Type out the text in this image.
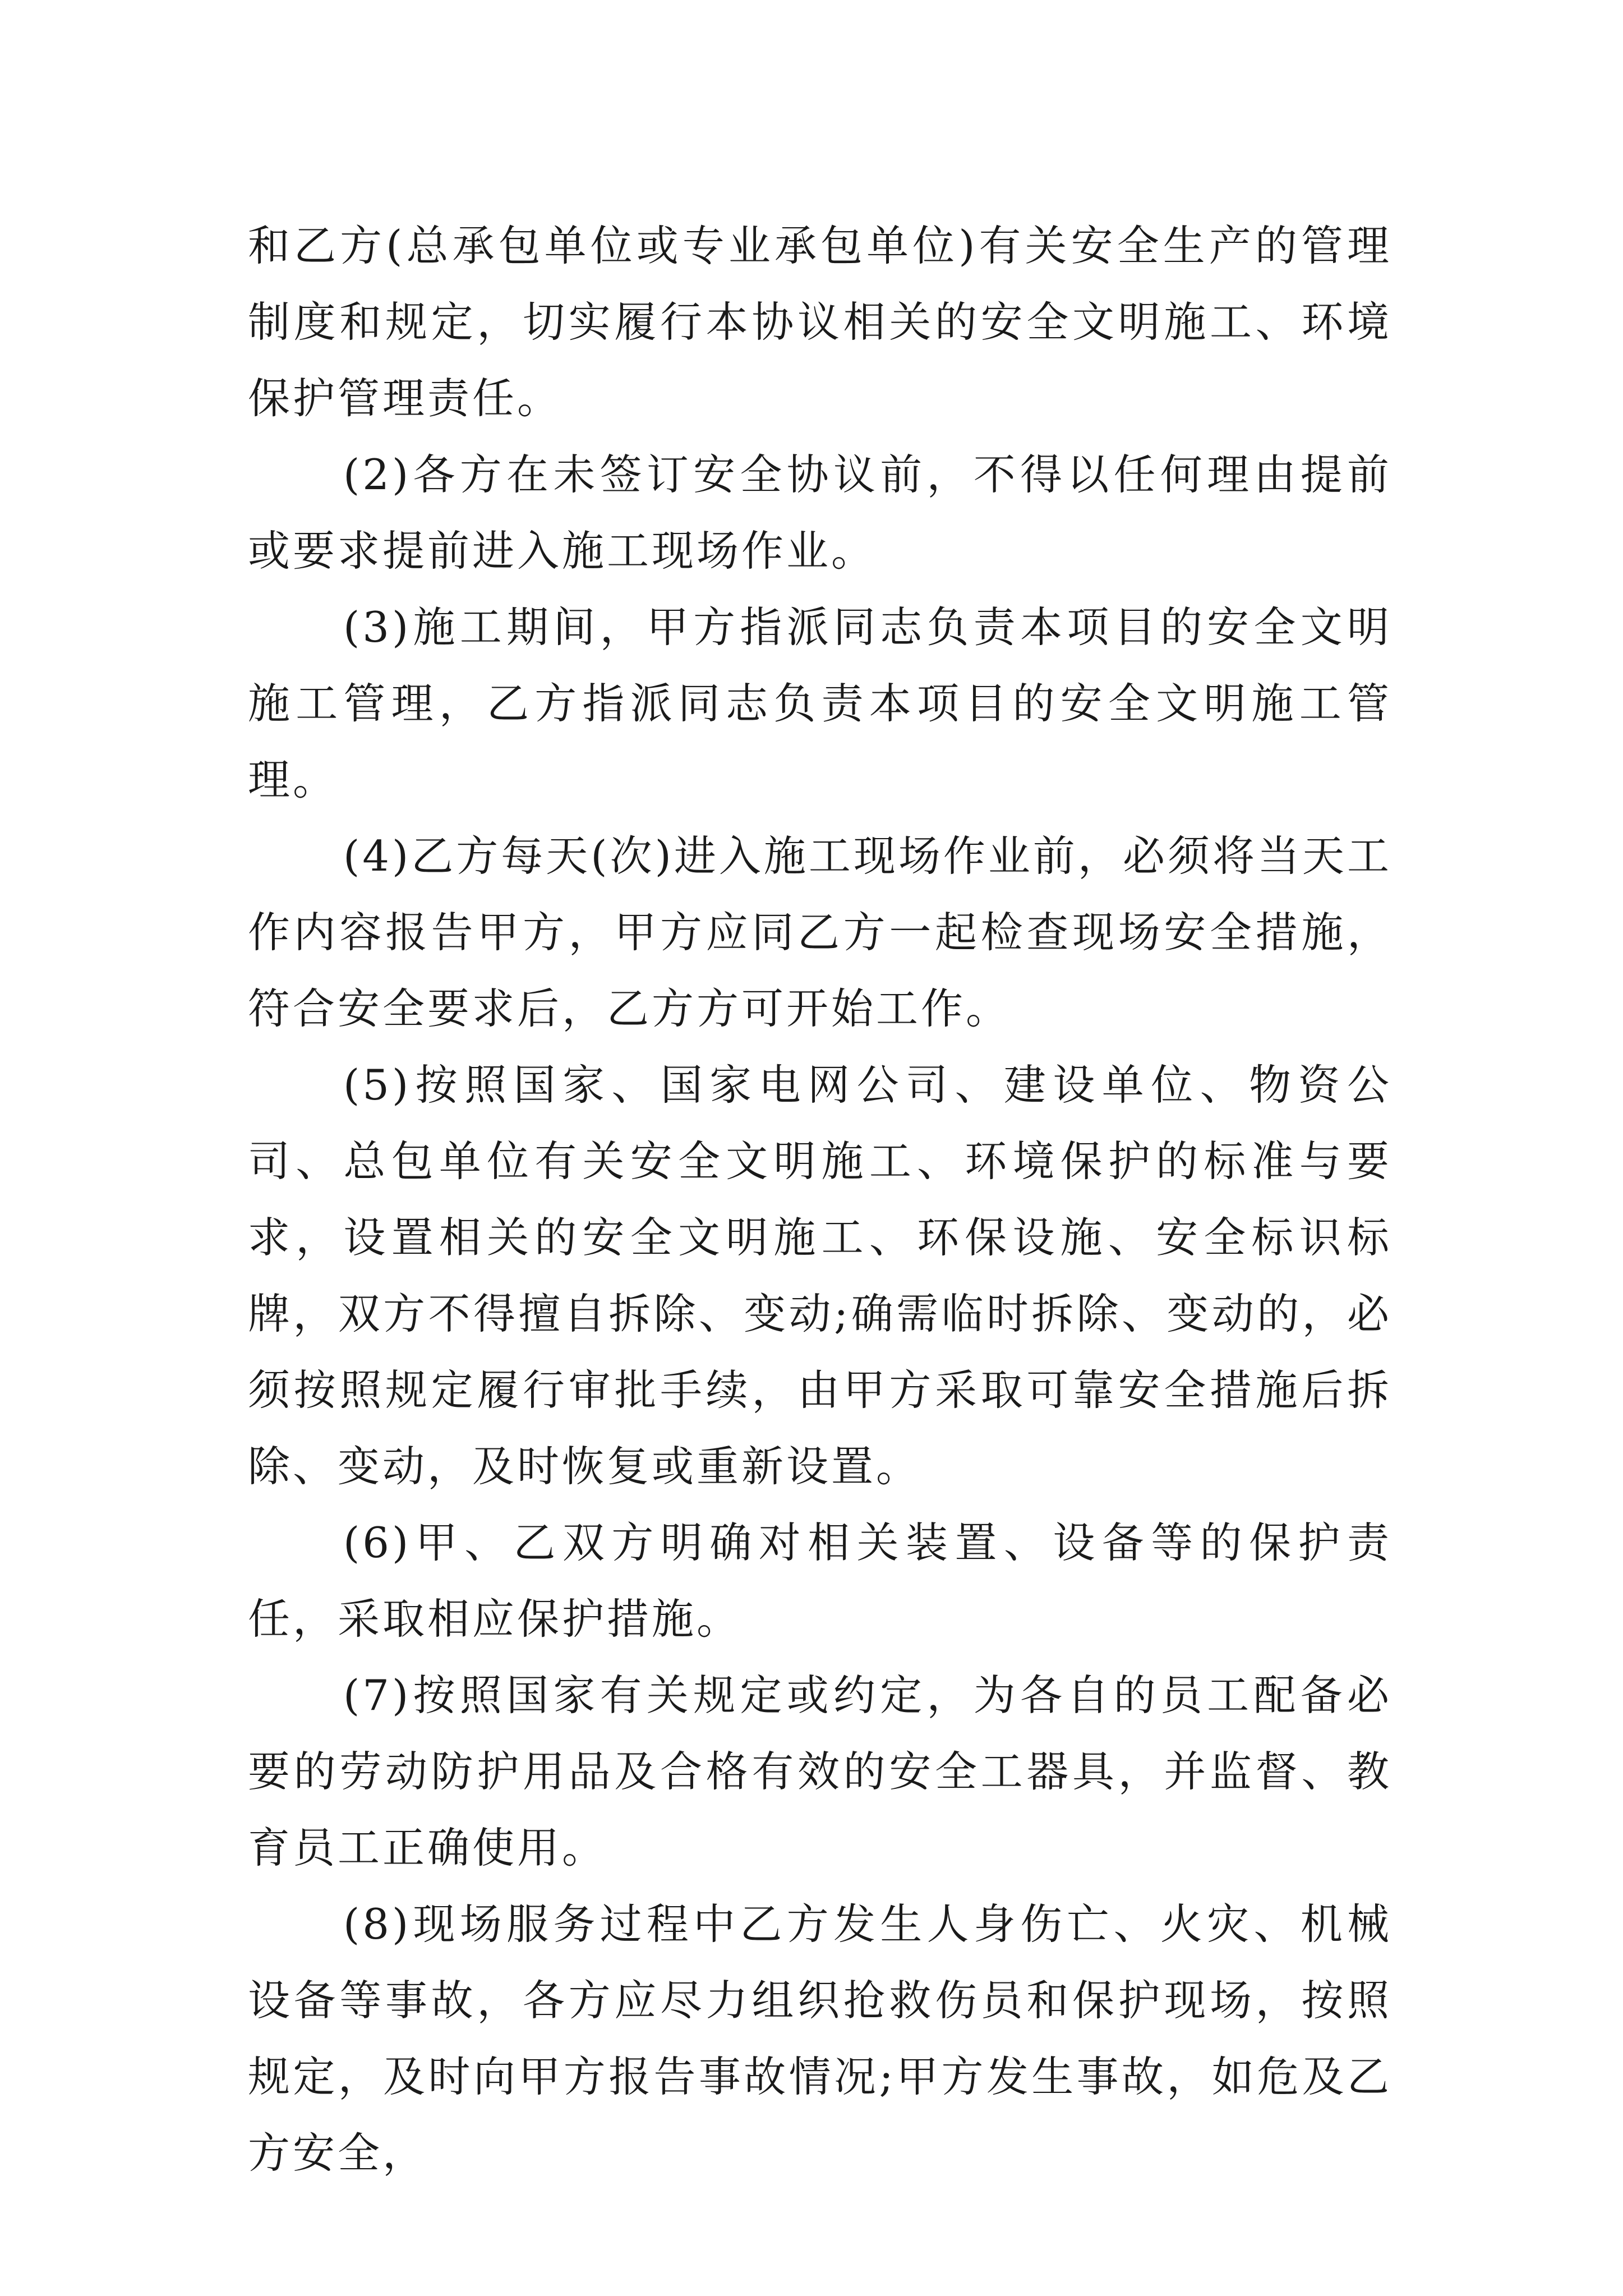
和乙方(总承包单位或专业承包单位)有关安全生产的管理制度和规定，切实履行本协议相关的安全文明施工、环境保护管理责任。

(2)各方在未签订安全协议前，不得以任何理由提前或要求提前进入施工现场作业。

(3)施工期间，甲方指派同志负责本项目的安全文明施工管理，乙方指派同志负责本项目的安全文明施工管理。

(4)乙方每天(次)进入施工现场作业前，必须将当天工作内容报告甲方，甲方应同乙方一起检查现场安全措施，符合安全要求后，乙方方可开始工作。

(5)按照国家、国家电网公司、建设单位、物资公司、总包单位有关安全文明施工、环境保护的标准与要求，设置相关的安全文明施工、环保设施、安全标识标牌，双方不得擅自拆除、变动;确需临时拆除、变动的，必须按照规定履行审批手续，由甲方采取可靠安全措施后拆除、变动，及时恢复或重新设置。

(6)甲、乙双方明确对相关装置、设备等的保护责任，采取相应保护措施。

(7)按照国家有关规定或约定，为各自的员工配备必要的劳动防护用品及合格有效的安全工器具，并监督、教育员工正确使用。

(8)现场服务过程中乙方发生人身伤亡、火灾、机械设备等事故，各方应尽力组织抢救伤员和保护现场，按照规定，及时向甲方报告事故情况;甲方发生事故，如危及乙方安全，
